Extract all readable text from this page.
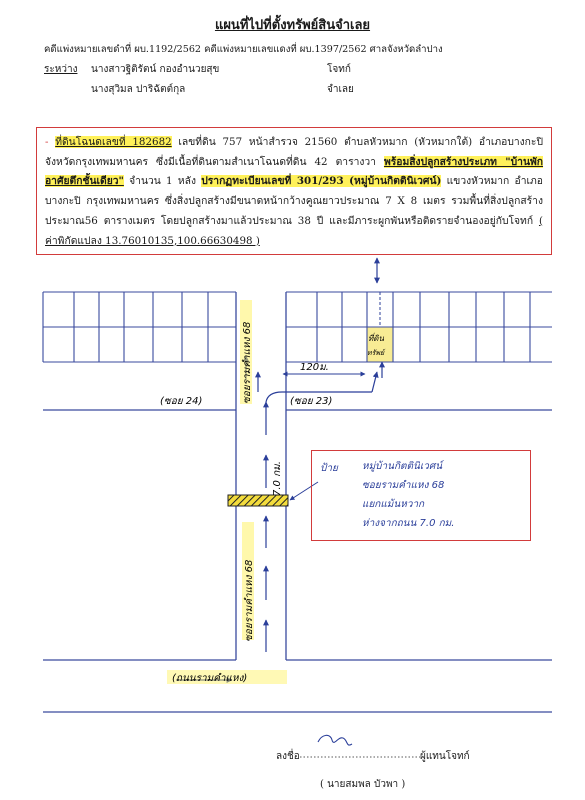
แผนที่ไปที่ตั้งทรัพย์สินจำเลย
คดีแพ่งหมายเลขดำที่ ผบ.1192/2562 คดีแพ่งหมายเลขแดงที่ ผบ.1397/2562 ศาลจังหวัดลำปาง
ระหว่าง นางสาวฐิติรัตน์ กองอำนวยสุข	โจทก์
นางสุวิมล ปาริฉัตต์กุล	จำเลย
- ที่ดินโฉนดเลขที่ 182682 เลขที่ดิน 757 หน้าสำรวจ 21560 ตำบลหัวหมาก (หัวหมากใต้) อำเภอบางกะปิ จังหวัดกรุงเทพมหานคร ซึ่งมีเนื้อที่ดินตามสำเนาโฉนดที่ดิน 42 ตารางวา พร้อมสิ่งปลูกสร้างประเภท "บ้านพักอาศัยตึกชั้นเดียว" จำนวน 1 หลัง ปรากฏทะเบียนเลขที่ 301/293 (หมู่บ้านกิตตินิเวศน์) แขวงหัวหมาก อำเภอบางกะปิ กรุงเทพมหานคร ซึ่งสิ่งปลูกสร้างมีขนาดหน้ากว้างคูณยาวประมาณ 7 X 8 เมตร รวมพื้นที่สิ่งปลูกสร้างประมาณ56 ตารางเมตร โดยปลูกสร้างมาแล้วประมาณ 38 ปี และมีภาระผูกพันหรือติดรายจำนองอยู่กับโจทก์ ( ค่าพิกัดแปลง 13.76010135,100.66630498 )
(ซอย 24)	(ซอย 23)
120ม.
ที่ดิน
ทรัพย์
ซอยรามคำแหง 68
ซอยรามคำแหง 68
7.0 กม.
(ถนนรามคำแหง)
ป้าย หมู่บ้านกิตตินิเวศน์
ซอยรามคำแหง 68
แยกแม้นหวาก
ห่างจากถนน 7.0 กม.
ลงชื่อ	ผู้แทนโจทก์
( นายสมพล บัวพา )
